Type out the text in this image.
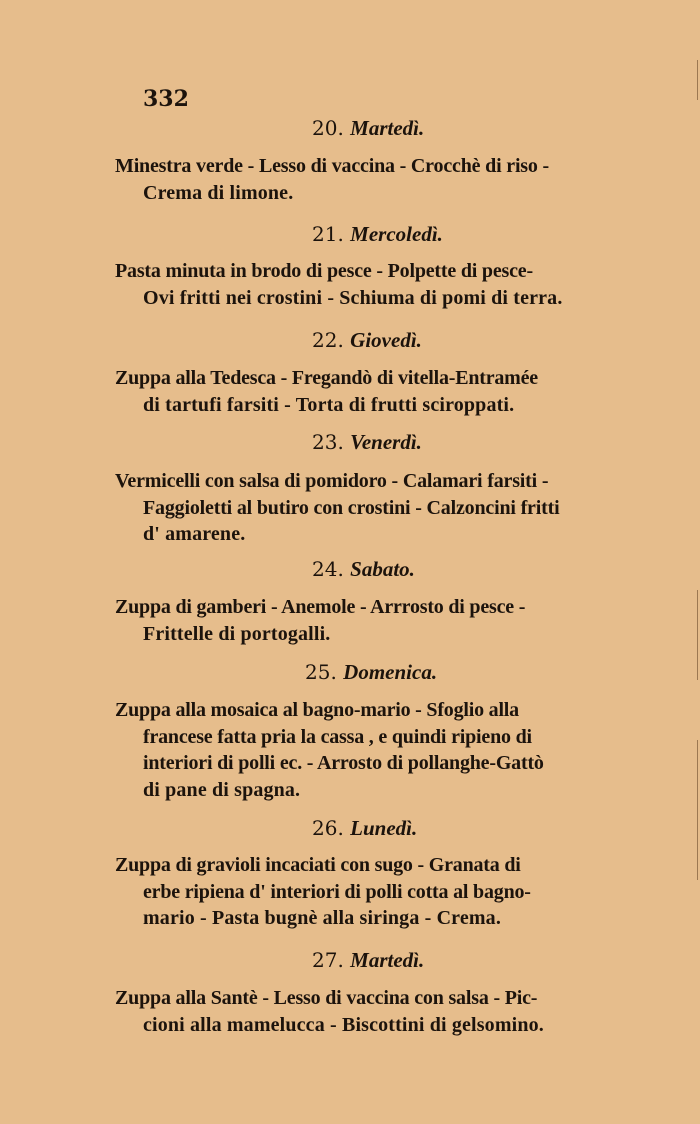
332
20. Martedì.
Minestra verde - Lesso di vaccina - Crocchè di riso -
Crema di limone.
21. Mercoledì.
Pasta minuta in brodo di pesce - Polpette di pesce-
Ovi fritti nei crostini - Schiuma di pomi di terra.
22. Giovedì.
Zuppa alla Tedesca - Fregandò di vitella-Entramée
di tartufi farsiti - Torta di frutti sciroppati.
23. Venerdì.
Vermicelli con salsa di pomidoro - Calamari farsiti -
Faggioletti al butiro con crostini - Calzoncini fritti
d' amarene.
24. Sabato.
Zuppa di gamberi - Anemole - Arrrosto di pesce -
Frittelle di portogalli.
25. Domenica.
Zuppa alla mosaica al bagno-mario - Sfoglio alla
francese fatta pria la cassa , e quindi ripieno di
interiori di polli ec. - Arrosto di pollanghe-Gattò
di pane di spagna.
26. Lunedì.
Zuppa di gravioli incaciati con sugo - Granata di
erbe ripiena d' interiori di polli cotta al bagno-
mario - Pasta bugnè alla siringa - Crema.
27. Martedì.
Zuppa alla Santè - Lesso di vaccina con salsa - Pic-
cioni alla mamelucca - Biscottini di gelsomino.
